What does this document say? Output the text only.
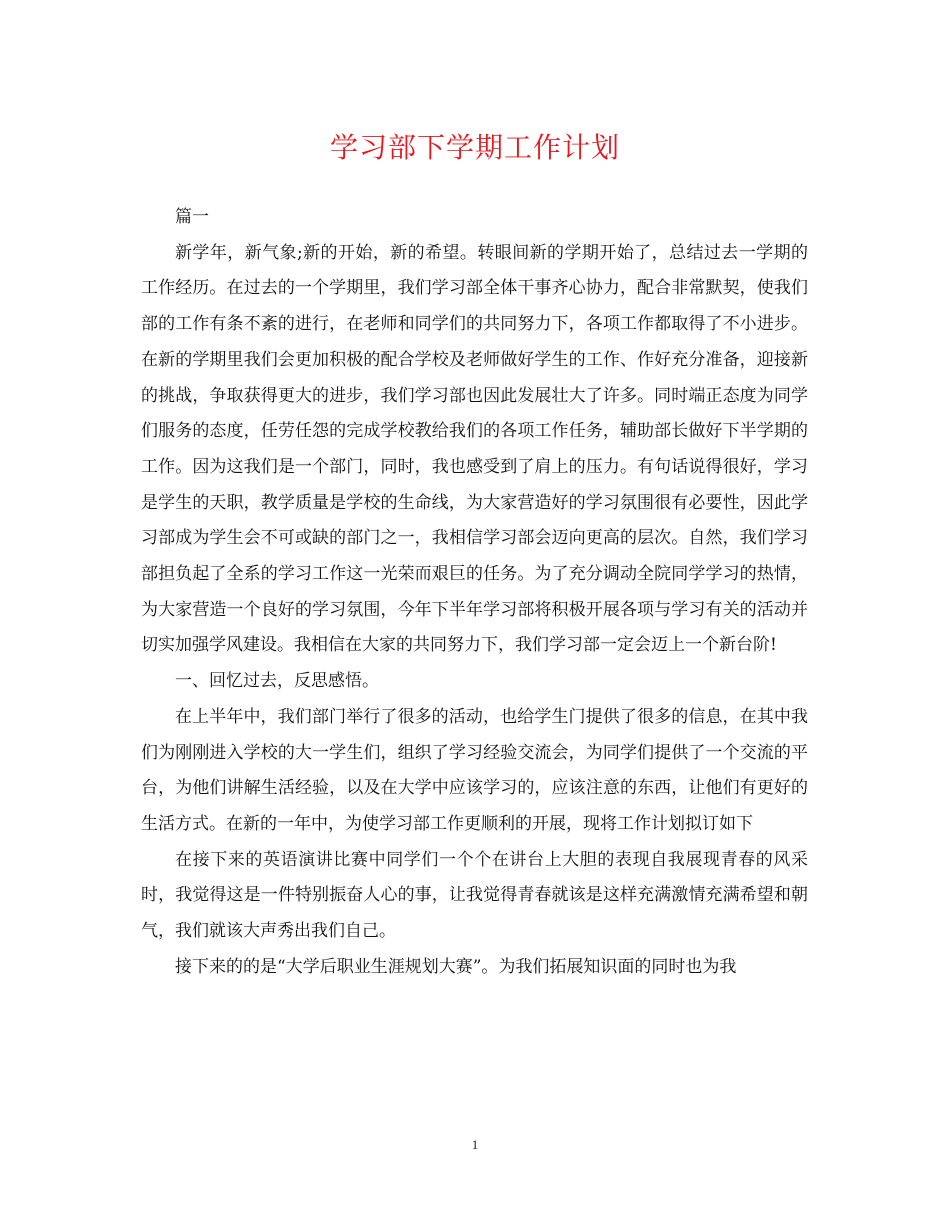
学习部下学期工作计划

篇一

新学年，新气象;新的开始，新的希望。转眼间新的学期开始了，总结过去一学期的工作经历。在过去的一个学期里，我们学习部全体干事齐心协力，配合非常默契，使我们部的工作有条不紊的进行，在老师和同学们的共同努力下，各项工作都取得了不小进步。在新的学期里我们会更加积极的配合学校及老师做好学生的工作、作好充分准备，迎接新的挑战，争取获得更大的进步，我们学习部也因此发展壮大了许多。同时端正态度为同学们服务的态度，任劳任怨的完成学校教给我们的各项工作任务，辅助部长做好下半学期的工作。因为这我们是一个部门，同时，我也感受到了肩上的压力。有句话说得很好，学习是学生的天职，教学质量是学校的生命线，为大家营造好的学习氛围很有必要性，因此学习部成为学生会不可或缺的部门之一，我相信学习部会迈向更高的层次。自然，我们学习部担负起了全系的学习工作这一光荣而艰巨的任务。为了充分调动全院同学学习的热情，为大家营造一个良好的学习氛围，今年下半年学习部将积极开展各项与学习有关的活动并切实加强学风建设。我相信在大家的共同努力下，我们学习部一定会迈上一个新台阶!

一、回忆过去，反思感悟。

在上半年中，我们部门举行了很多的活动，也给学生门提供了很多的信息，在其中我们为刚刚进入学校的大一学生们，组织了学习经验交流会，为同学们提供了一个交流的平台，为他们讲解生活经验，以及在大学中应该学习的，应该注意的东西，让他们有更好的生活方式。在新的一年中，为使学习部工作更顺利的开展，现将工作计划拟订如下

在接下来的英语演讲比赛中同学们一个个在讲台上大胆的表现自我展现青春的风采时，我觉得这是一件特别振奋人心的事，让我觉得青春就该是这样充满激情充满希望和朝气，我们就该大声秀出我们自己。

接下来的的是“大学后职业生涯规划大赛”。为我们拓展知识面的同时也为我

1
